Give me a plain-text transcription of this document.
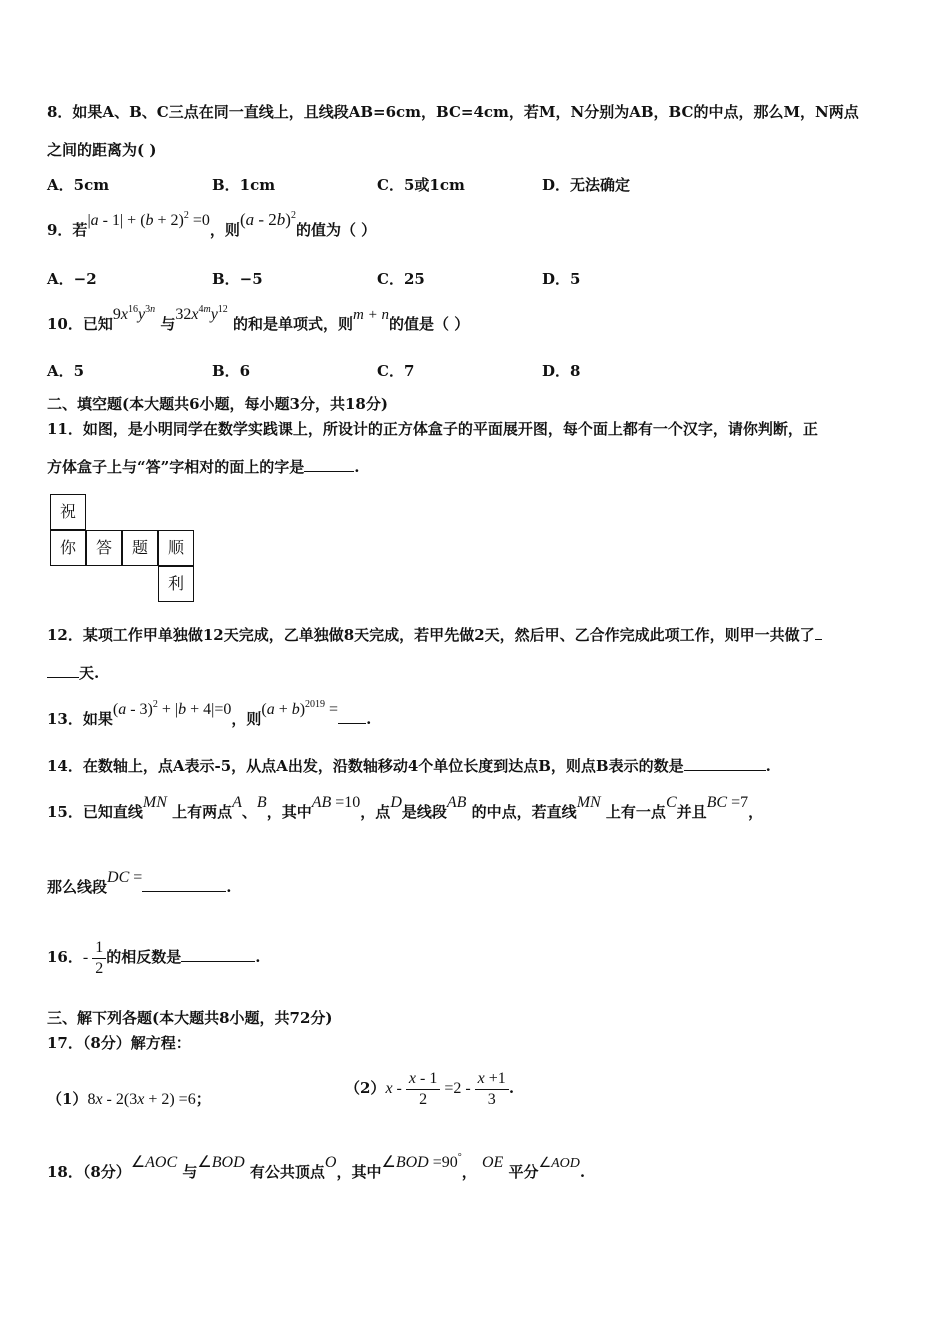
8．如果A、B、C三点在同一直线上，且线段AB=6cm，BC=4cm，若M，N分别为AB，BC的中点，那么M，N两点
之间的距离为( )
A．5cm	B．1cm	C．5或1cm	D．无法确定
9．若$|a - 1| + (b + 2)^2 =0$，则(a - 2b)$^2$的值为（ ）
A．−2	B．−5	C．25	D．5
10．已知$9x^{16}y^{3n}$ 与$32x^{4m}y^{12}$ 的和是单项式，则m + n的值是（ ）
A．5	B．6	C．7	D．8
二、填空题(本大题共6小题，每小题3分，共18分)
11．如图，是小明同学在数学实践课上，所设计的正方体盒子的平面展开图，每个面上都有一个汉字，请你判断，正
方体盒子上与“答”字相对的面上的字是	.
祝
你	答	题	顺
利
12．某项工作甲单独做12天完成，乙单独做8天完成，若甲先做2天，然后甲、乙合作完成此项工作，则甲一共做了
天.
13．如果(a - 3)$^2$ + |b + 4|=0，则$(a + b)^{2019}$ =.
14．在数轴上，点A表示-5，从点A出发，沿数轴移动4个单位长度到达点B，则点B表示的数是	.
15．已知直线MN 上有两点A、B，其中AB =10，点D是线段AB 的中点，若直线MN 上有一点C并且BC =7，
那么线段DC =.
16．- $\frac{1}{2}$ 的相反数是	.
三、解下列各题(本大题共8小题，共72分)
17．（8分）解方程：
（1）8x - 2(3x + 2) =6；
$(2)x - \frac{x - 1}{2} =2 - \frac{x +1}{3}$ .
18．（8分）∠AOC 与∠BOD 有公共顶点O，其中∠BOD =90°， OE 平分∠AOD.
